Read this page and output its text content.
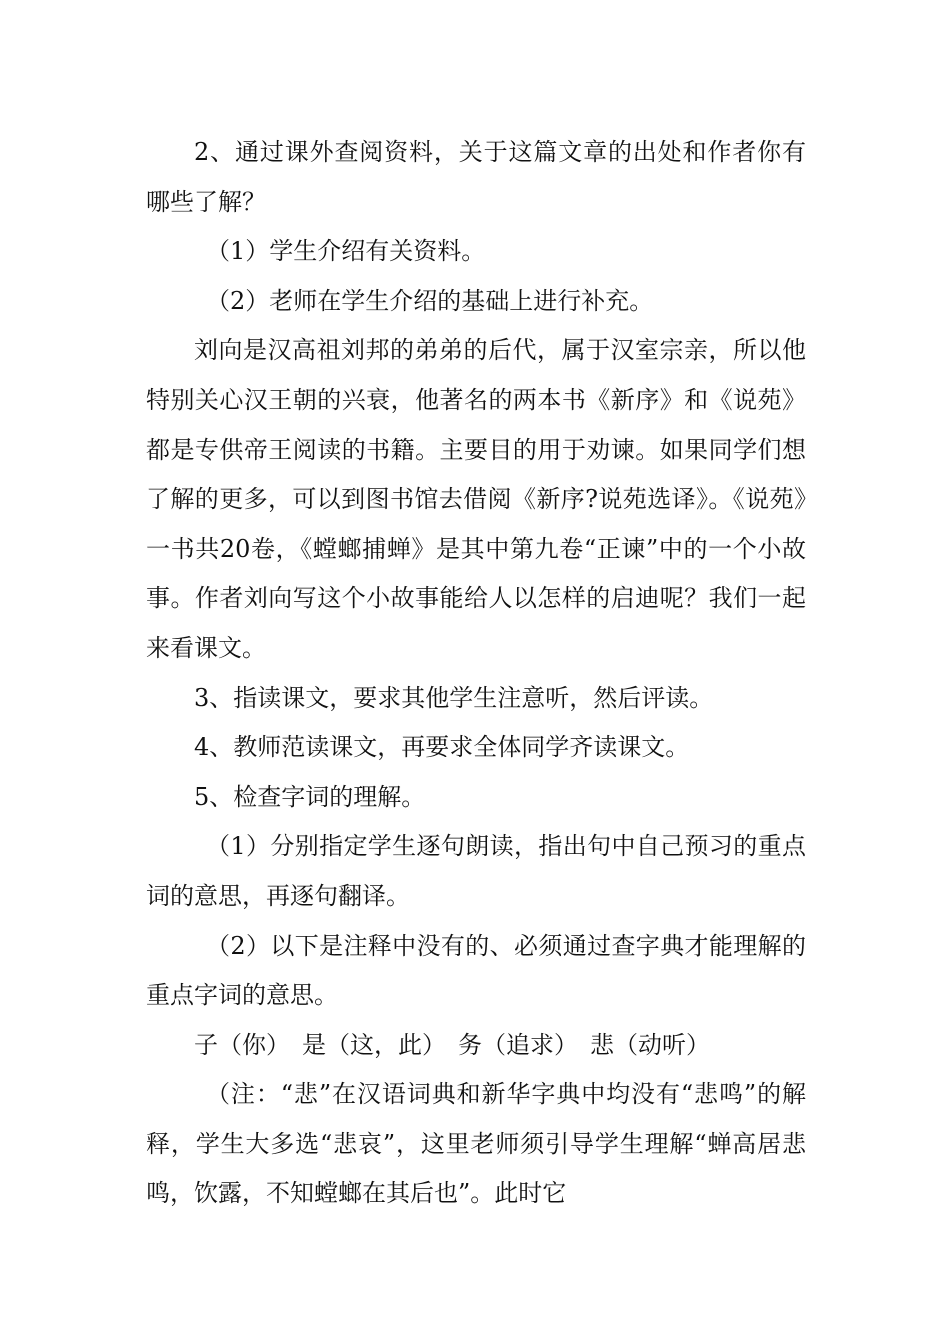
2、通过课外查阅资料，关于这篇文章的出处和作者你有哪些了解？

（1）学生介绍有关资料。

（2）老师在学生介绍的基础上进行补充。

刘向是汉高祖刘邦的弟弟的后代，属于汉室宗亲，所以他特别关心汉王朝的兴衰，他著名的两本书《新序》和《说苑》都是专供帝王阅读的书籍。主要目的用于劝谏。如果同学们想了解的更多，可以到图书馆去借阅《新序?说苑选译》。《说苑》一书共20卷，《螳螂捕蝉》是其中第九卷“正谏”中的一个小故事。作者刘向写这个小故事能给人以怎样的启迪呢？我们一起来看课文。

3、指读课文，要求其他学生注意听，然后评读。

4、教师范读课文，再要求全体同学齐读课文。

5、检查字词的理解。

（1）分别指定学生逐句朗读，指出句中自己预习的重点词的意思，再逐句翻译。

（2）以下是注释中没有的、必须通过查字典才能理解的重点字词的意思。

子（你）　是（这，此）　务（追求）　悲（动听）

（注：“悲”在汉语词典和新华字典中均没有“悲鸣”的解释，学生大多选“悲哀”，这里老师须引导学生理解“蝉高居悲鸣，饮露，不知螳螂在其后也”。此时它
